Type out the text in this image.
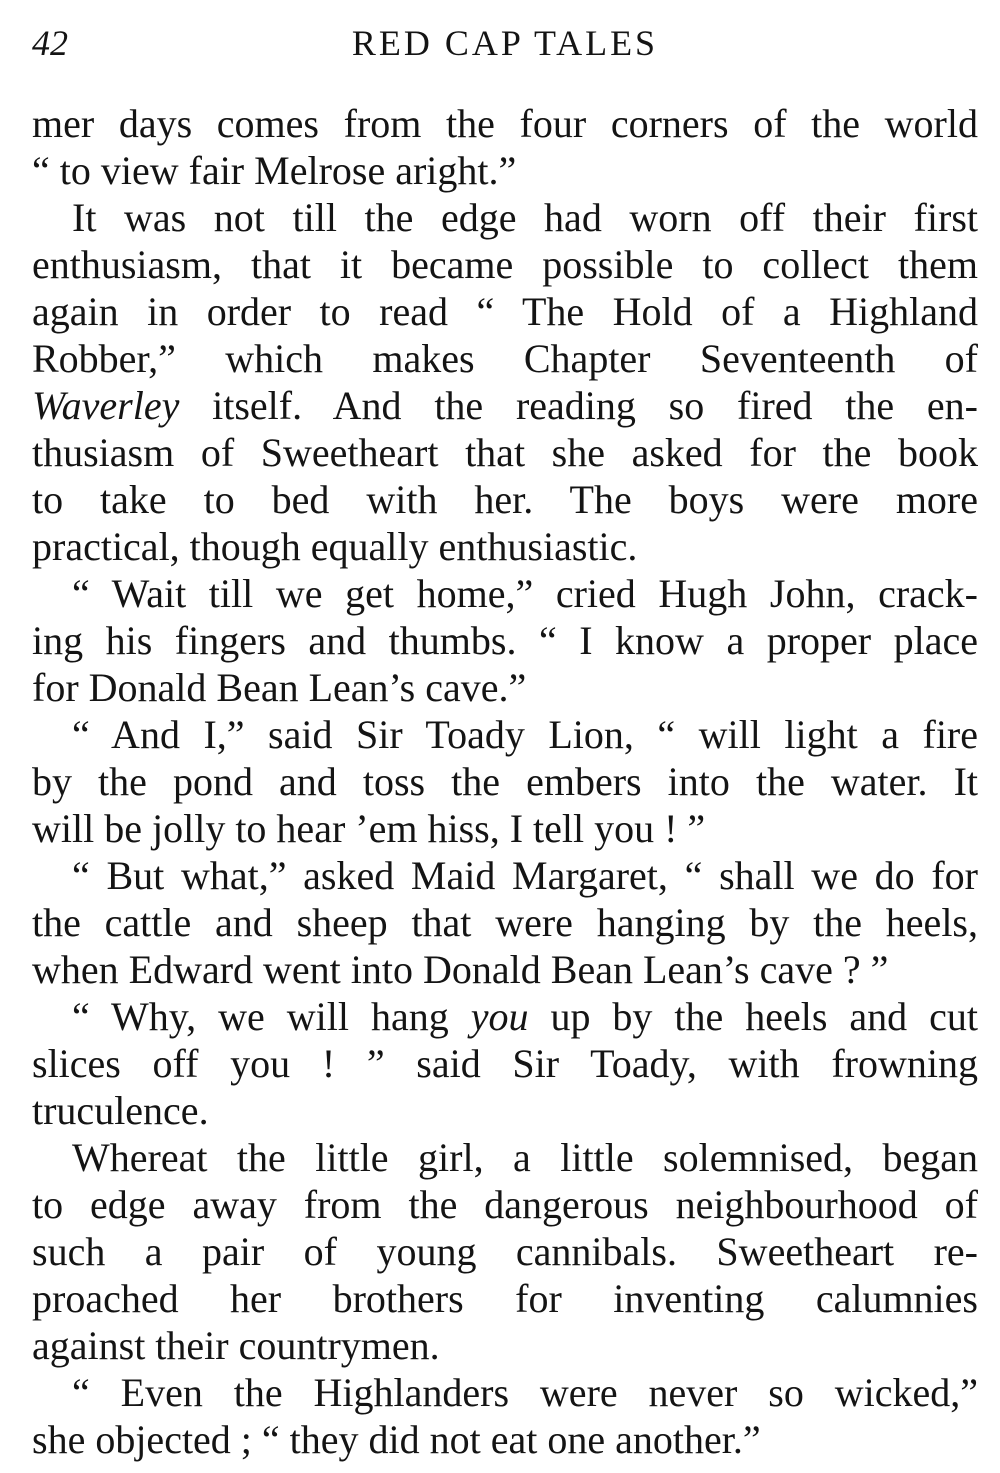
42	RED CAP TALES
mer days comes from the four corners of the world
“ to view fair Melrose aright.”
It was not till the edge had worn off their first
enthusiasm, that it became possible to collect them
again in order to read “ The Hold of a Highland
Robber,” which makes Chapter Seventeenth of
Waverley itself. And the reading so fired the en-
thusiasm of Sweetheart that she asked for the book
to take to bed with her. The boys were more
practical, though equally enthusiastic.
“ Wait till we get home,” cried Hugh John, crack-
ing his fingers and thumbs. “ I know a proper place
for Donald Bean Lean’s cave.”
“ And I,” said Sir Toady Lion, “ will light a fire
by the pond and toss the embers into the water. It
will be jolly to hear ’em hiss, I tell you ! ”
“ But what,” asked Maid Margaret, “ shall we do for
the cattle and sheep that were hanging by the heels,
when Edward went into Donald Bean Lean’s cave ? ”
“ Why, we will hang you up by the heels and cut
slices off you ! ” said Sir Toady, with frowning
truculence.
Whereat the little girl, a little solemnised, began
to edge away from the dangerous neighbourhood of
such a pair of young cannibals. Sweetheart re-
proached her brothers for inventing calumnies
against their countrymen.
“ Even the Highlanders were never so wicked,”
she objected ; “ they did not eat one another.”
